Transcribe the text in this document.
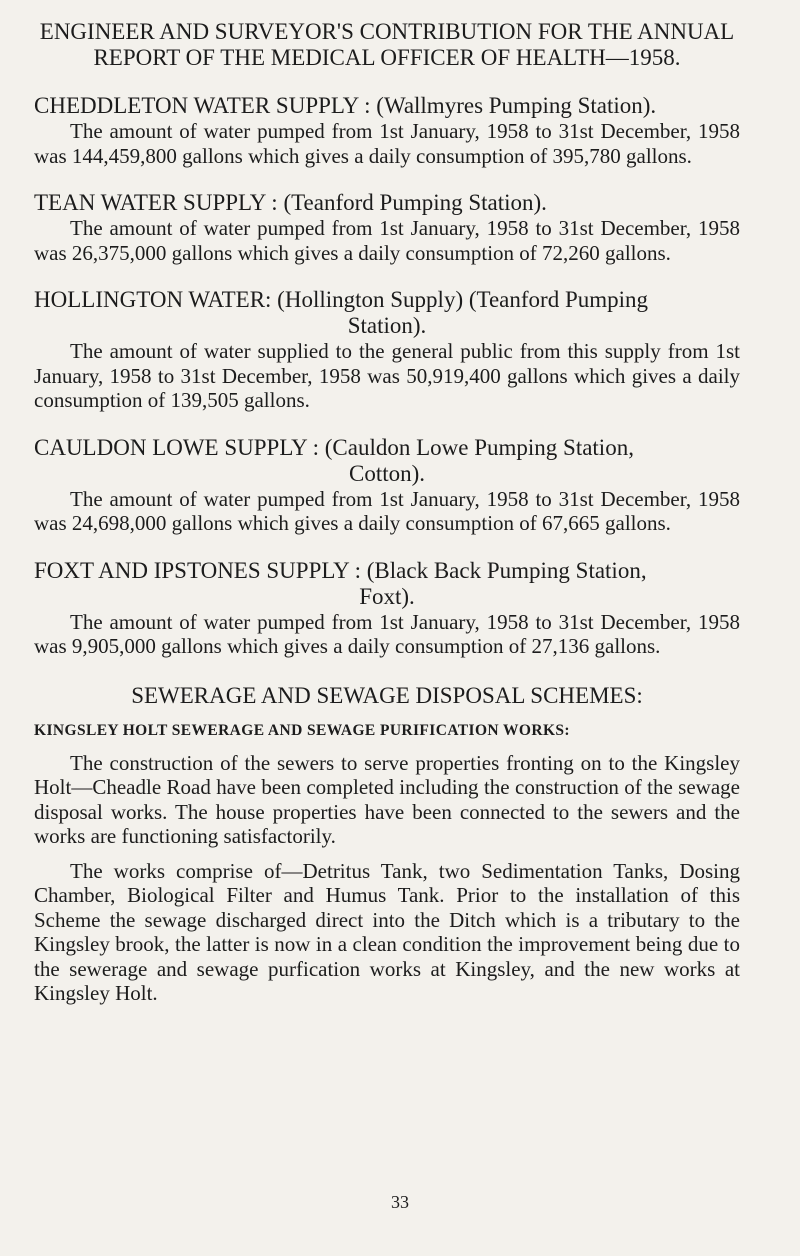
ENGINEER AND SURVEYOR'S CONTRIBUTION FOR THE ANNUAL REPORT OF THE MEDICAL OFFICER OF HEALTH—1958.
CHEDDLETON WATER SUPPLY : (Wallmyres Pumping Station).

The amount of water pumped from 1st January, 1958 to 31st December, 1958 was 144,459,800 gallons which gives a daily consumption of 395,780 gallons.

TEAN WATER SUPPLY : (Teanford Pumping Station).

The amount of water pumped from 1st January, 1958 to 31st December, 1958 was 26,375,000 gallons which gives a daily consumption of 72,260 gallons.

HOLLINGTON WATER: (Hollington Supply) (Teanford Pumping
Station).

The amount of water supplied to the general public from this supply from 1st January, 1958 to 31st December, 1958 was 50,919,400 gallons which gives a daily consumption of 139,505 gallons.

CAULDON LOWE SUPPLY : (Cauldon Lowe Pumping Station,
Cotton).

The amount of water pumped from 1st January, 1958 to 31st December, 1958 was 24,698,000 gallons which gives a daily consumption of 67,665 gallons.

FOXT AND IPSTONES SUPPLY : (Black Back Pumping Station,
Foxt).

The amount of water pumped from 1st January, 1958 to 31st December, 1958 was 9,905,000 gallons which gives a daily consumption of 27,136 gallons.

SEWERAGE AND SEWAGE DISPOSAL SCHEMES:
KINGSLEY HOLT SEWERAGE AND SEWAGE PURIFICATION WORKS:

The construction of the sewers to serve properties fronting on to the Kingsley Holt—Cheadle Road have been completed including the construction of the sewage disposal works. The house properties have been connected to the sewers and the works are functioning satisfactorily.

The works comprise of—Detritus Tank, two Sedimentation Tanks, Dosing Chamber, Biological Filter and Humus Tank. Prior to the installation of this Scheme the sewage discharged direct into the Ditch which is a tributary to the Kingsley brook, the latter is now in a clean condition the improvement being due to the sewerage and sewage purfication works at Kingsley, and the new works at Kingsley Holt.

33
